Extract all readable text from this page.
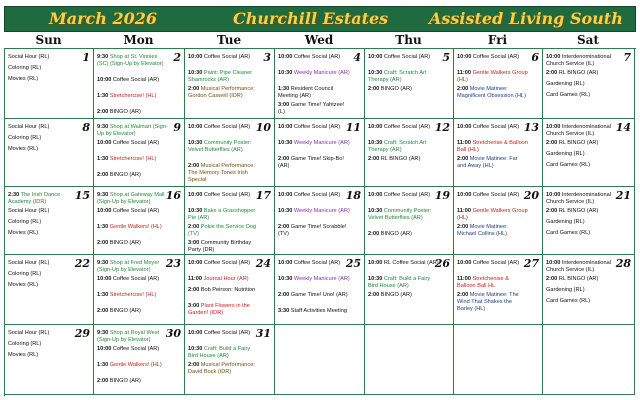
March 2026	Churchill Estates	Assisted Living South
Sun	Mon	Tue	Wed	Thu	Fri	Sat
1
Social Hour (RL)
Coloring (RL)
Movies (RL)
2
9:30 Shop at St. Vinnies (SC) (Sign-Up by Elevator)
10:00 Coffee Social (AR)
1:30 Stretchercise! (HL)
2:00 BINGO (AR)
3
10:00 Coffee Social (AR)
10:30 Paint: Pipe Cleaner Shamrocks (AR)
2:00 Musical Performance: Gordon Caswell (IDR)
4
10:00 Coffee Social (AR)
10:30 Weekly Manicure (AR)
1:30 Resident Council Meeting (AR)
3:00 Game Time! Yahtzee! (L)
5
10:00 Coffee Social (AR)
10:30 Craft: Scratch Art Therapy (AR)
2:00 BINGO (AR)
6
10:00 Coffee Social (AR)
11:00 Gentle Walkers Group (HL)
2:00 Movie Matinee: Magnificent Obsession (HL)
7
10:00 Interdenominational Church Service (IL)
2:00 RL BINGO (AR)
Gardening (RL)
Card Games (RL)
8
Social Hour (RL)
Coloring (RL)
Movies (RL)
9
9:30 Shop at Walmart (Sign-Up by Elevator)
10:00 Coffee Social (AR)
1:30 Stretchercise! (HL)
2:00 BINGO (AR)
10
10:00 Coffee Social (AR)
10:30 Community Poster: Velvet Butterflies (AR)
2:00 Musical Performance: The Memory Tones Irish Special
11
10:00 Coffee Social (AR)
10:30 Weekly Manicure (AR)
2:00 Game Time! Skip-Bo! (AR)
12
10:00 Coffee Social (AR)
10:30 Craft: Scratch Art Therapy (AR)
2:00 RL BINGO (AR)
13
10:00 Coffee Social (AR)
11:00 Stretcherise & Balloon Ball (HL)
2:00 Movie Matinee: Far and Away (HL)
14
10:00 Interdenominational Church Service (IL)
2:00 RL BINGO (AR)
Gardening (RL)
Card Games (RL)
15
2:30 The Irish Dance Academy (IDR)
Social Hour (RL)
Coloring (RL)
Movies (RL)
16
9:30 Shop at Gateway Mall (Sign-Up by Elevator)
10:00 Coffee Social (AR)
1:30 Gentle Walkers! (HL)
2:00 BINGO (AR)
17
10:00 Coffee Social (AR)
10:30 Bake a Grasshopper Pie (AR)
2:00 Pokie the Service Dog (TV)
3:00 Community Birthday Party (DR)
18
10:00 Coffee Social (AR)
10:30 Weekly Manicure (AR)
2:00 Game Time! Scrabble! (TV)
19
10:00 Coffee Social (AR)
10:30 Community Poster: Velvet Butterflies (AR)
2:00 BINGO (AR)
20
10:00 Coffee Social (AR)
11:00 Gentle Walkers Group (HL)
2:00 Movie Matinee: Michael Collins (HL)
21
10:00 Interdenominational Church Service (IL)
2:00 RL BINGO (AR)
Gardening (RL)
Card Games (RL)
22
Social Hour (RL)
Coloring (RL)
Movies (RL)
23
9:30 Shop at Fred Meyer (Sign-Up by Elevator)
10:00 Coffee Social (AR)
1:30 Stretchercise! (HL)
2:00 BINGO (AR)
24
10:00 Coffee Social (AR)
11:00 Journal Hour (AR)
2:00 Bob Peirson: Nutrition
3:00 Plant Flowers in the Garden! (IDR)
25
10:00 Coffee Social (AR)
10:30 Weekly Manicure (AR)
2:00 Game Time! Uno! (AR)
3:30 Staff Activities Meeting
26
10:00 RL Coffee Social (AR)
10:30 Craft: Build a Fairy Bird House (AR)
2:00 BINGO (AR)
27
10:00 Coffee Social (AR)
11:00 Stretchenise & Balloon Ball HL
2:00 Movie Matinee: The Wind That Shakes the Barley (HL)
28
10:00 Interdenominational Church Service (IL)
2:00 RL BINGO (AR)
Gardening (RL)
Card Games (RL)
29
Social Hour (RL)
Coloring (RL)
Movies (RL)
30
9:30 Shop at Royal West (Sign-Up by Elevator)
10:00 Coffee Social (AR)
1:30 Gentle Walkers! (HL)
2:00 BINGO (AR)
31
10:00 Coffee Social (AR)
10:30 Craft: Build a Fairy Bird House (AR)
2:00 Musical Performance: David Bock (IDR)
